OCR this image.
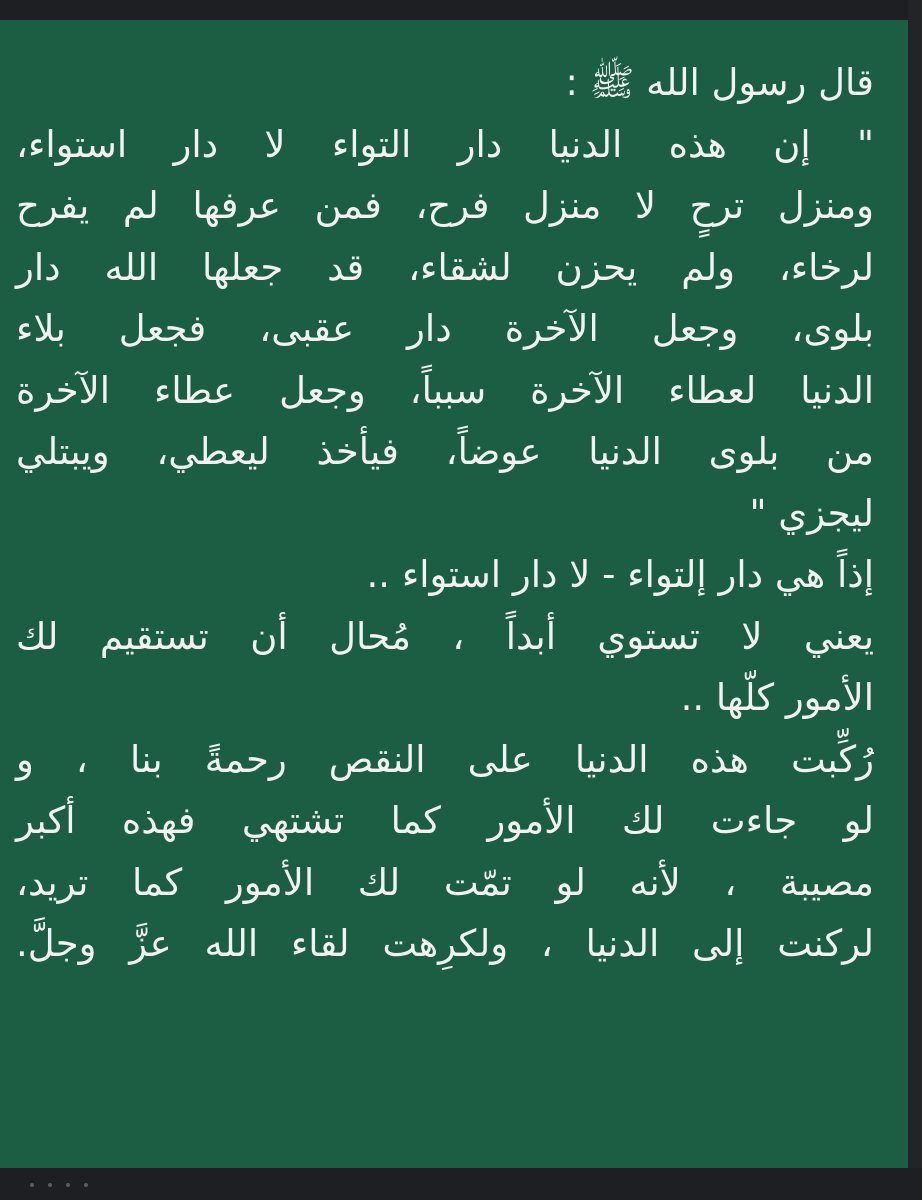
قال رسول الله ﷺ :
" إن هذه الدنيا دار التواء لا دار استواء،
ومنزل ترحٍ لا منزل فرح، فمن عرفها لم يفرح
لرخاء، ولم يحزن لشقاء، قد جعلها الله دار
بلوى، وجعل الآخرة دار عقبى، فجعل بلاء
الدنيا لعطاء الآخرة سبباً، وجعل عطاء الآخرة
من بلوى الدنيا عوضاً، فيأخذ ليعطي، ويبتلي
ليجزي "
إذاً هي دار إلتواء - لا دار استواء ..
يعني لا تستوي أبداً ، مُحال أن تستقيم لك
الأمور كلّها ..
رُكِّبت هذه الدنيا على النقص رحمةً بنا ، و
لو جاءت لك الأمور كما تشتهي فهذه أكبر
مصيبة ، لأنه لو تمّت لك الأمور كما تريد،
لركنت إلى الدنيا ، ولكرِهت لقاء الله عزَّ وجلَّ.
